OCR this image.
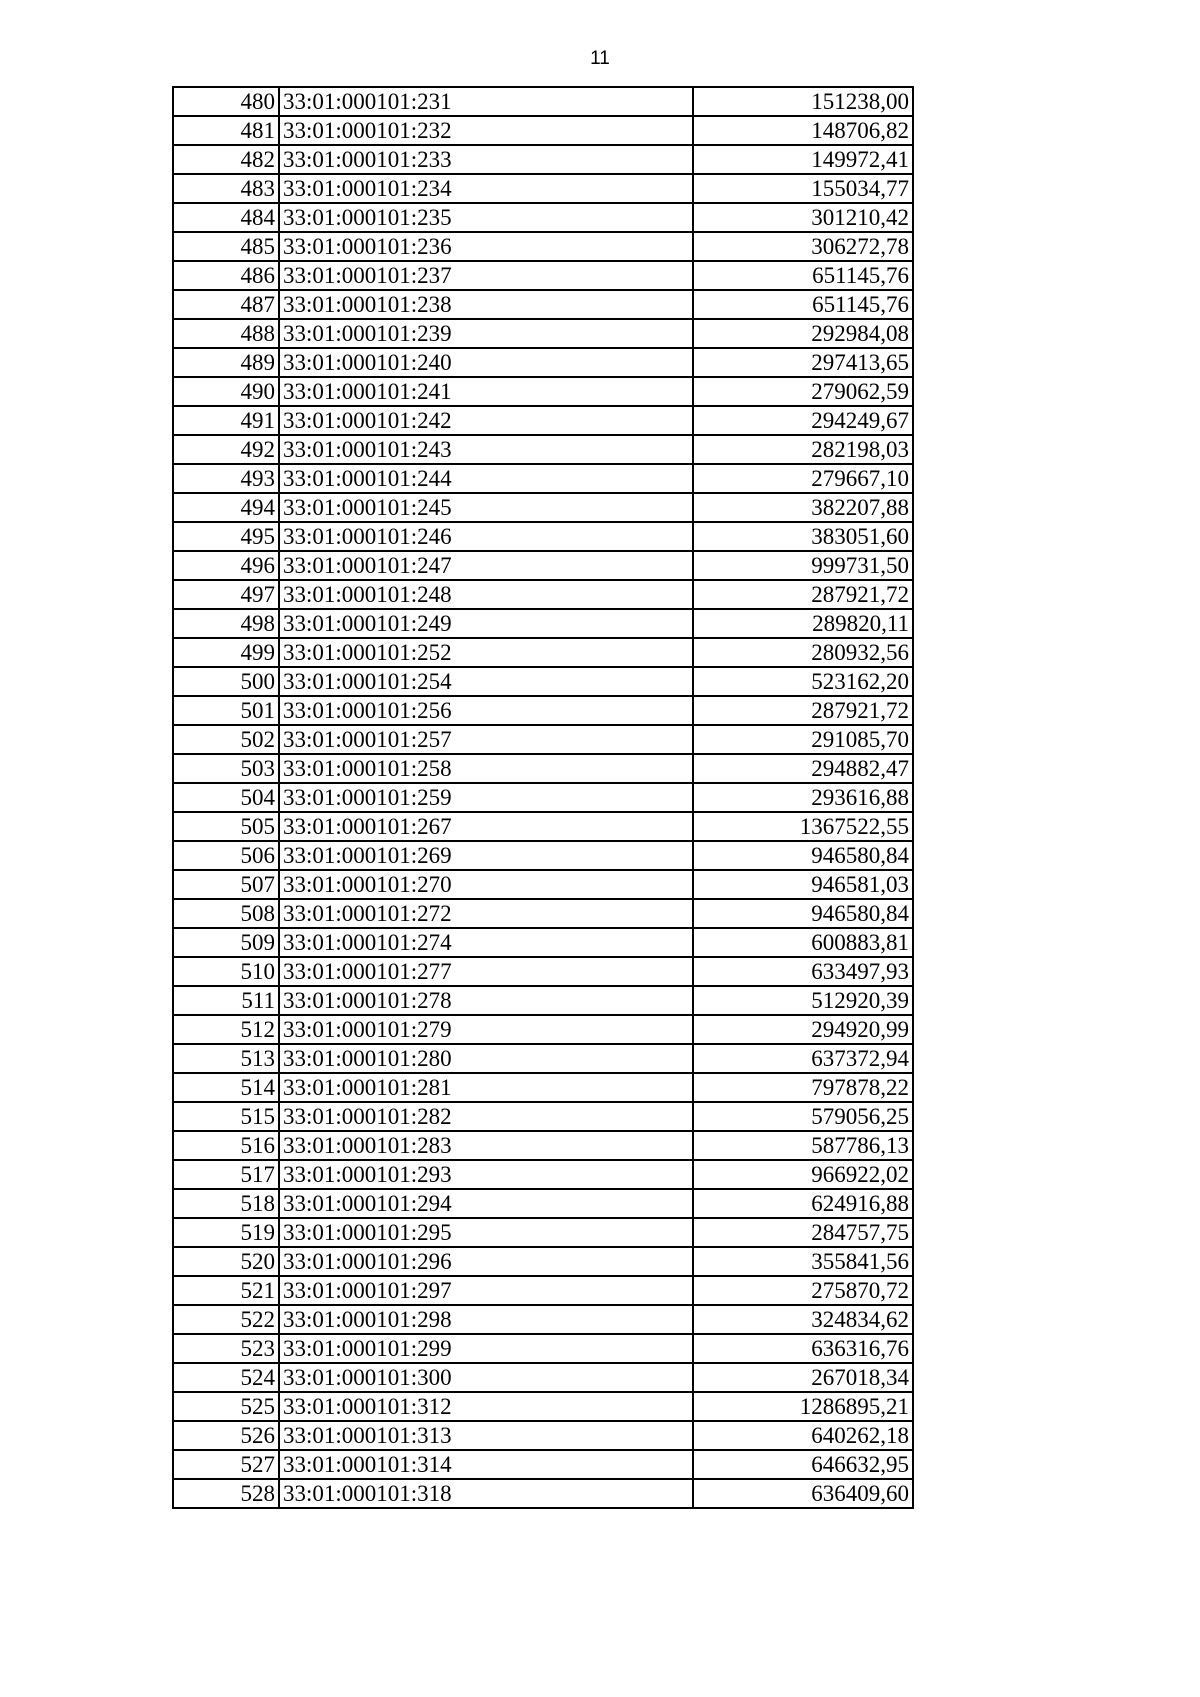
11
480	33:01:000101:231	151238,00
481	33:01:000101:232	148706,82
482	33:01:000101:233	149972,41
483	33:01:000101:234	155034,77
484	33:01:000101:235	301210,42
485	33:01:000101:236	306272,78
486	33:01:000101:237	651145,76
487	33:01:000101:238	651145,76
488	33:01:000101:239	292984,08
489	33:01:000101:240	297413,65
490	33:01:000101:241	279062,59
491	33:01:000101:242	294249,67
492	33:01:000101:243	282198,03
493	33:01:000101:244	279667,10
494	33:01:000101:245	382207,88
495	33:01:000101:246	383051,60
496	33:01:000101:247	999731,50
497	33:01:000101:248	287921,72
498	33:01:000101:249	289820,11
499	33:01:000101:252	280932,56
500	33:01:000101:254	523162,20
501	33:01:000101:256	287921,72
502	33:01:000101:257	291085,70
503	33:01:000101:258	294882,47
504	33:01:000101:259	293616,88
505	33:01:000101:267	1367522,55
506	33:01:000101:269	946580,84
507	33:01:000101:270	946581,03
508	33:01:000101:272	946580,84
509	33:01:000101:274	600883,81
510	33:01:000101:277	633497,93
511	33:01:000101:278	512920,39
512	33:01:000101:279	294920,99
513	33:01:000101:280	637372,94
514	33:01:000101:281	797878,22
515	33:01:000101:282	579056,25
516	33:01:000101:283	587786,13
517	33:01:000101:293	966922,02
518	33:01:000101:294	624916,88
519	33:01:000101:295	284757,75
520	33:01:000101:296	355841,56
521	33:01:000101:297	275870,72
522	33:01:000101:298	324834,62
523	33:01:000101:299	636316,76
524	33:01:000101:300	267018,34
525	33:01:000101:312	1286895,21
526	33:01:000101:313	640262,18
527	33:01:000101:314	646632,95
528	33:01:000101:318	636409,60
